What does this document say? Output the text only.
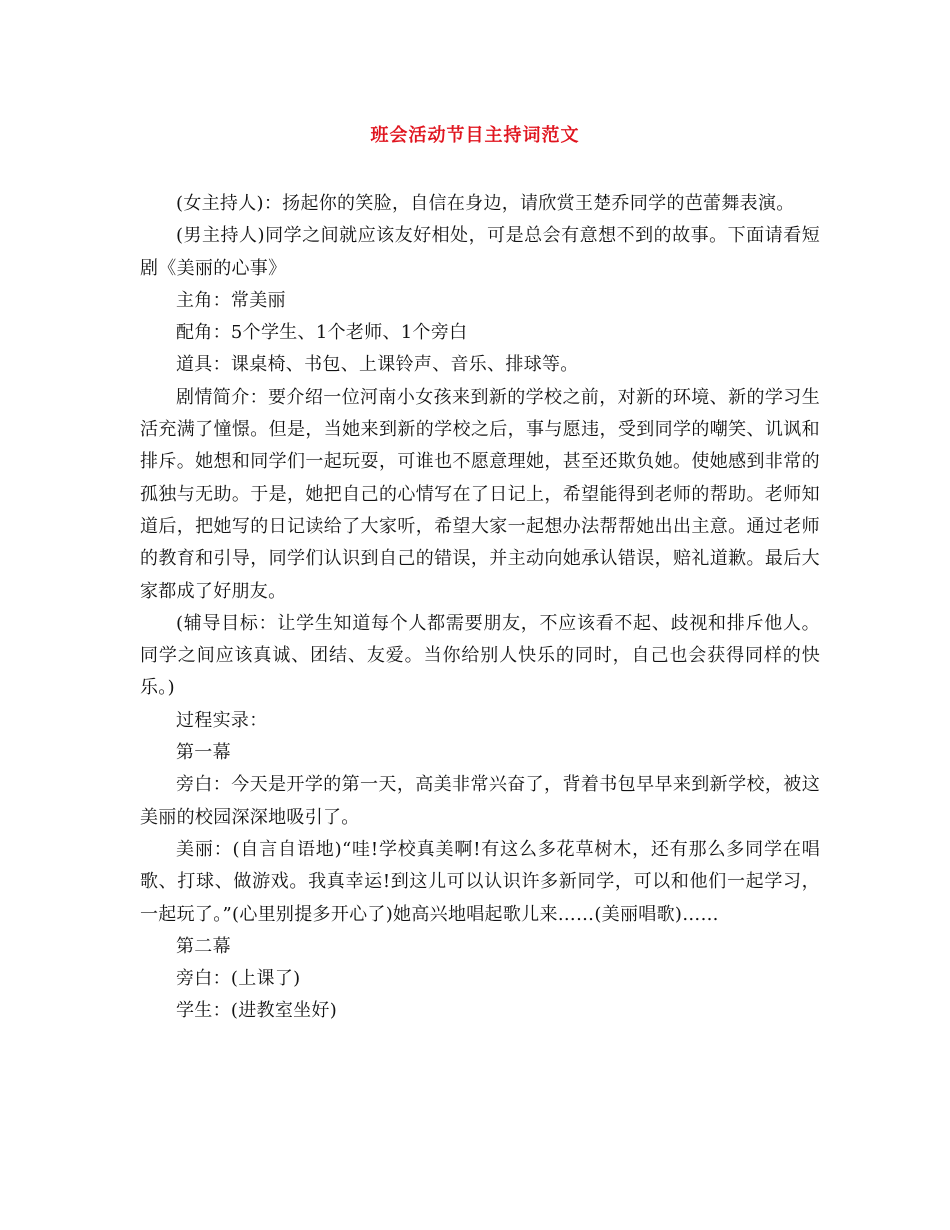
班会活动节目主持词范文

(女主持人)：扬起你的笑脸，自信在身边，请欣赏王楚乔同学的芭蕾舞表演。

(男主持人)同学之间就应该友好相处，可是总会有意想不到的故事。下面请看短剧《美丽的心事》

主角：常美丽

配角：5个学生、1个老师、1个旁白

道具：课桌椅、书包、上课铃声、音乐、排球等。

剧情简介：要介绍一位河南小女孩来到新的学校之前，对新的环境、新的学习生活充满了憧憬。但是，当她来到新的学校之后，事与愿违，受到同学的嘲笑、讥讽和排斥。她想和同学们一起玩耍，可谁也不愿意理她，甚至还欺负她。使她感到非常的孤独与无助。于是，她把自己的心情写在了日记上，希望能得到老师的帮助。老师知道后，把她写的日记读给了大家听，希望大家一起想办法帮帮她出出主意。通过老师的教育和引导，同学们认识到自己的错误，并主动向她承认错误，赔礼道歉。最后大家都成了好朋友。

(辅导目标：让学生知道每个人都需要朋友，不应该看不起、歧视和排斥他人。同学之间应该真诚、团结、友爱。当你给别人快乐的同时，自己也会获得同样的快乐。)

过程实录：

第一幕

旁白：今天是开学的第一天，高美非常兴奋了，背着书包早早来到新学校，被这美丽的校园深深地吸引了。

美丽：(自言自语地)“哇!学校真美啊!有这么多花草树木，还有那么多同学在唱歌、打球、做游戏。我真幸运!到这儿可以认识许多新同学，可以和他们一起学习，一起玩了。”(心里别提多开心了)她高兴地唱起歌儿来……(美丽唱歌)……

第二幕

旁白：(上课了)

学生：(进教室坐好)
